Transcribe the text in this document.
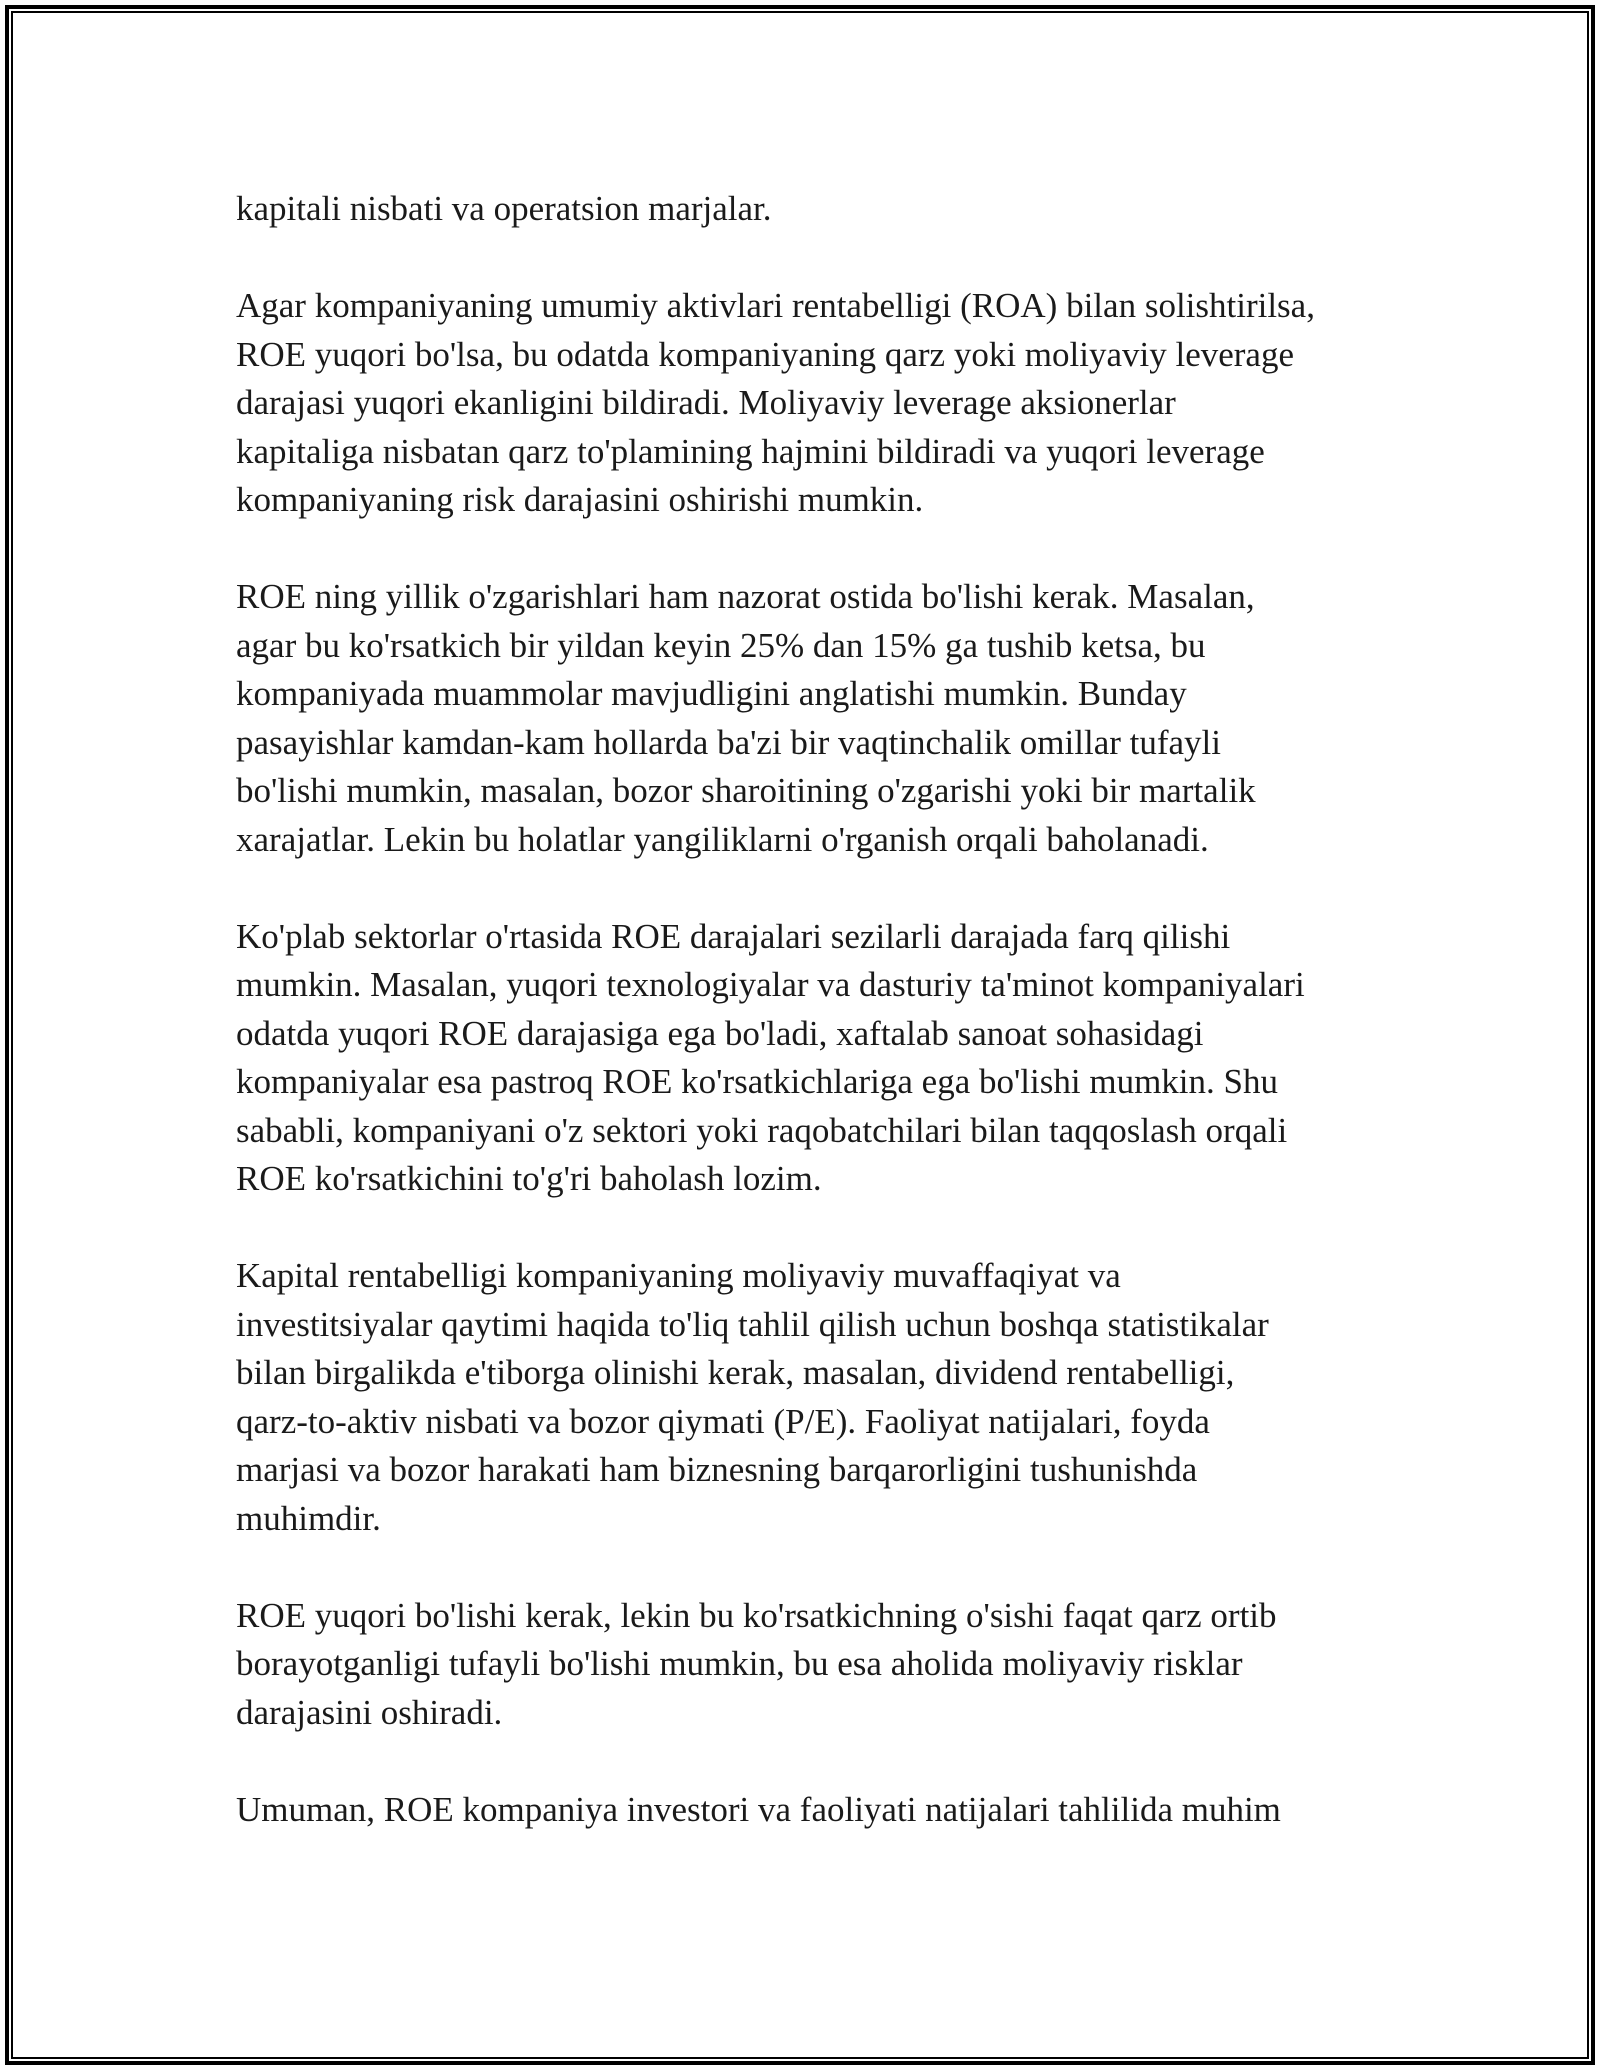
kapitali nisbati va operatsion marjalar.

Agar kompaniyaning umumiy aktivlari rentabelligi (ROA) bilan solishtirilsa,
ROE yuqori bo'lsa, bu odatda kompaniyaning qarz yoki moliyaviy leverage
darajasi yuqori ekanligini bildiradi. Moliyaviy leverage aksionerlar
kapitaliga nisbatan qarz to'plamining hajmini bildiradi va yuqori leverage
kompaniyaning risk darajasini oshirishi mumkin.

ROE ning yillik o'zgarishlari ham nazorat ostida bo'lishi kerak. Masalan,
agar bu ko'rsatkich bir yildan keyin 25% dan 15% ga tushib ketsa, bu
kompaniyada muammolar mavjudligini anglatishi mumkin. Bunday
pasayishlar kamdan-kam hollarda ba'zi bir vaqtinchalik omillar tufayli
bo'lishi mumkin, masalan, bozor sharoitining o'zgarishi yoki bir martalik
xarajatlar. Lekin bu holatlar yangiliklarni o'rganish orqali baholanadi.

Ko'plab sektorlar o'rtasida ROE darajalari sezilarli darajada farq qilishi
mumkin. Masalan, yuqori texnologiyalar va dasturiy ta'minot kompaniyalari
odatda yuqori ROE darajasiga ega bo'ladi, xaftalab sanoat sohasidagi
kompaniyalar esa pastroq ROE ko'rsatkichlariga ega bo'lishi mumkin. Shu
sababli, kompaniyani o'z sektori yoki raqobatchilari bilan taqqoslash orqali
ROE ko'rsatkichini to'g'ri baholash lozim.

Kapital rentabelligi kompaniyaning moliyaviy muvaffaqiyat va
investitsiyalar qaytimi haqida to'liq tahlil qilish uchun boshqa statistikalar
bilan birgalikda e'tiborga olinishi kerak, masalan, dividend rentabelligi,
qarz-to-aktiv nisbati va bozor qiymati (P/E). Faoliyat natijalari, foyda
marjasi va bozor harakati ham biznesning barqarorligini tushunishda
muhimdir.

ROE yuqori bo'lishi kerak, lekin bu ko'rsatkichning o'sishi faqat qarz ortib
borayotganligi tufayli bo'lishi mumkin, bu esa aholida moliyaviy risklar
darajasini oshiradi.

Umuman, ROE kompaniya investori va faoliyati natijalari tahlilida muhim
